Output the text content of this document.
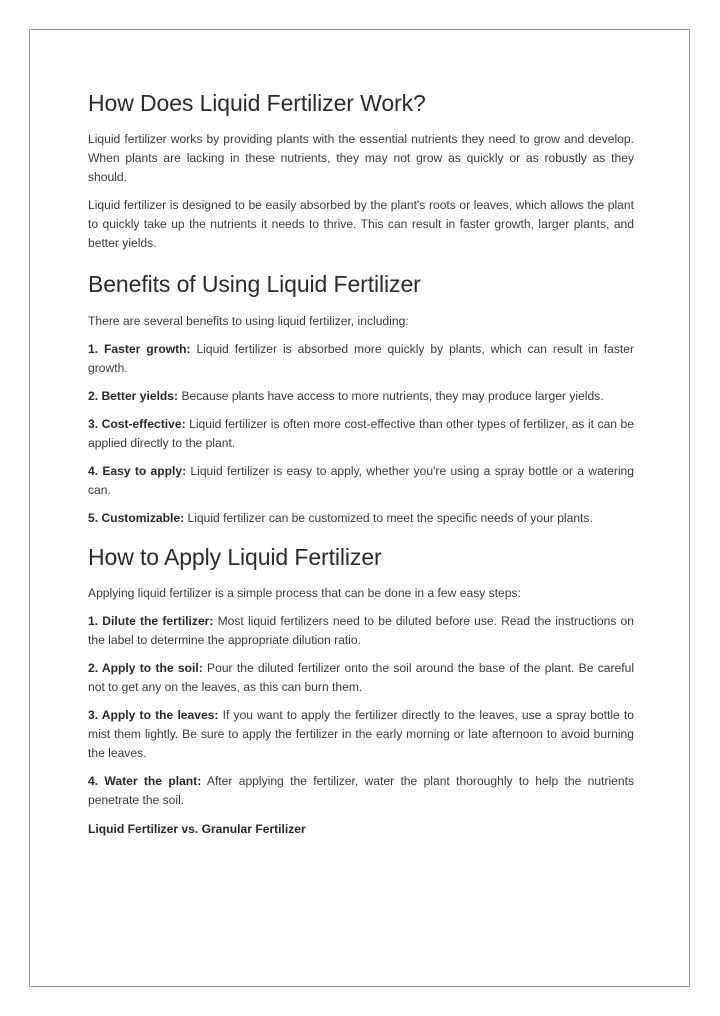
How Does Liquid Fertilizer Work?

Liquid fertilizer works by providing plants with the essential nutrients they need to grow and develop. When plants are lacking in these nutrients, they may not grow as quickly or as robustly as they should.

Liquid fertilizer is designed to be easily absorbed by the plant's roots or leaves, which allows the plant to quickly take up the nutrients it needs to thrive. This can result in faster growth, larger plants, and better yields.

Benefits of Using Liquid Fertilizer

There are several benefits to using liquid fertilizer, including:

1. Faster growth: Liquid fertilizer is absorbed more quickly by plants, which can result in faster growth.

2. Better yields: Because plants have access to more nutrients, they may produce larger yields.

3. Cost-effective: Liquid fertilizer is often more cost-effective than other types of fertilizer, as it can be applied directly to the plant.

4. Easy to apply: Liquid fertilizer is easy to apply, whether you're using a spray bottle or a watering can.

5. Customizable: Liquid fertilizer can be customized to meet the specific needs of your plants.

How to Apply Liquid Fertilizer

Applying liquid fertilizer is a simple process that can be done in a few easy steps:

1. Dilute the fertilizer: Most liquid fertilizers need to be diluted before use. Read the instructions on the label to determine the appropriate dilution ratio.

2. Apply to the soil: Pour the diluted fertilizer onto the soil around the base of the plant. Be careful not to get any on the leaves, as this can burn them.

3. Apply to the leaves: If you want to apply the fertilizer directly to the leaves, use a spray bottle to mist them lightly. Be sure to apply the fertilizer in the early morning or late afternoon to avoid burning the leaves.

4. Water the plant: After applying the fertilizer, water the plant thoroughly to help the nutrients penetrate the soil.

Liquid Fertilizer vs. Granular Fertilizer
